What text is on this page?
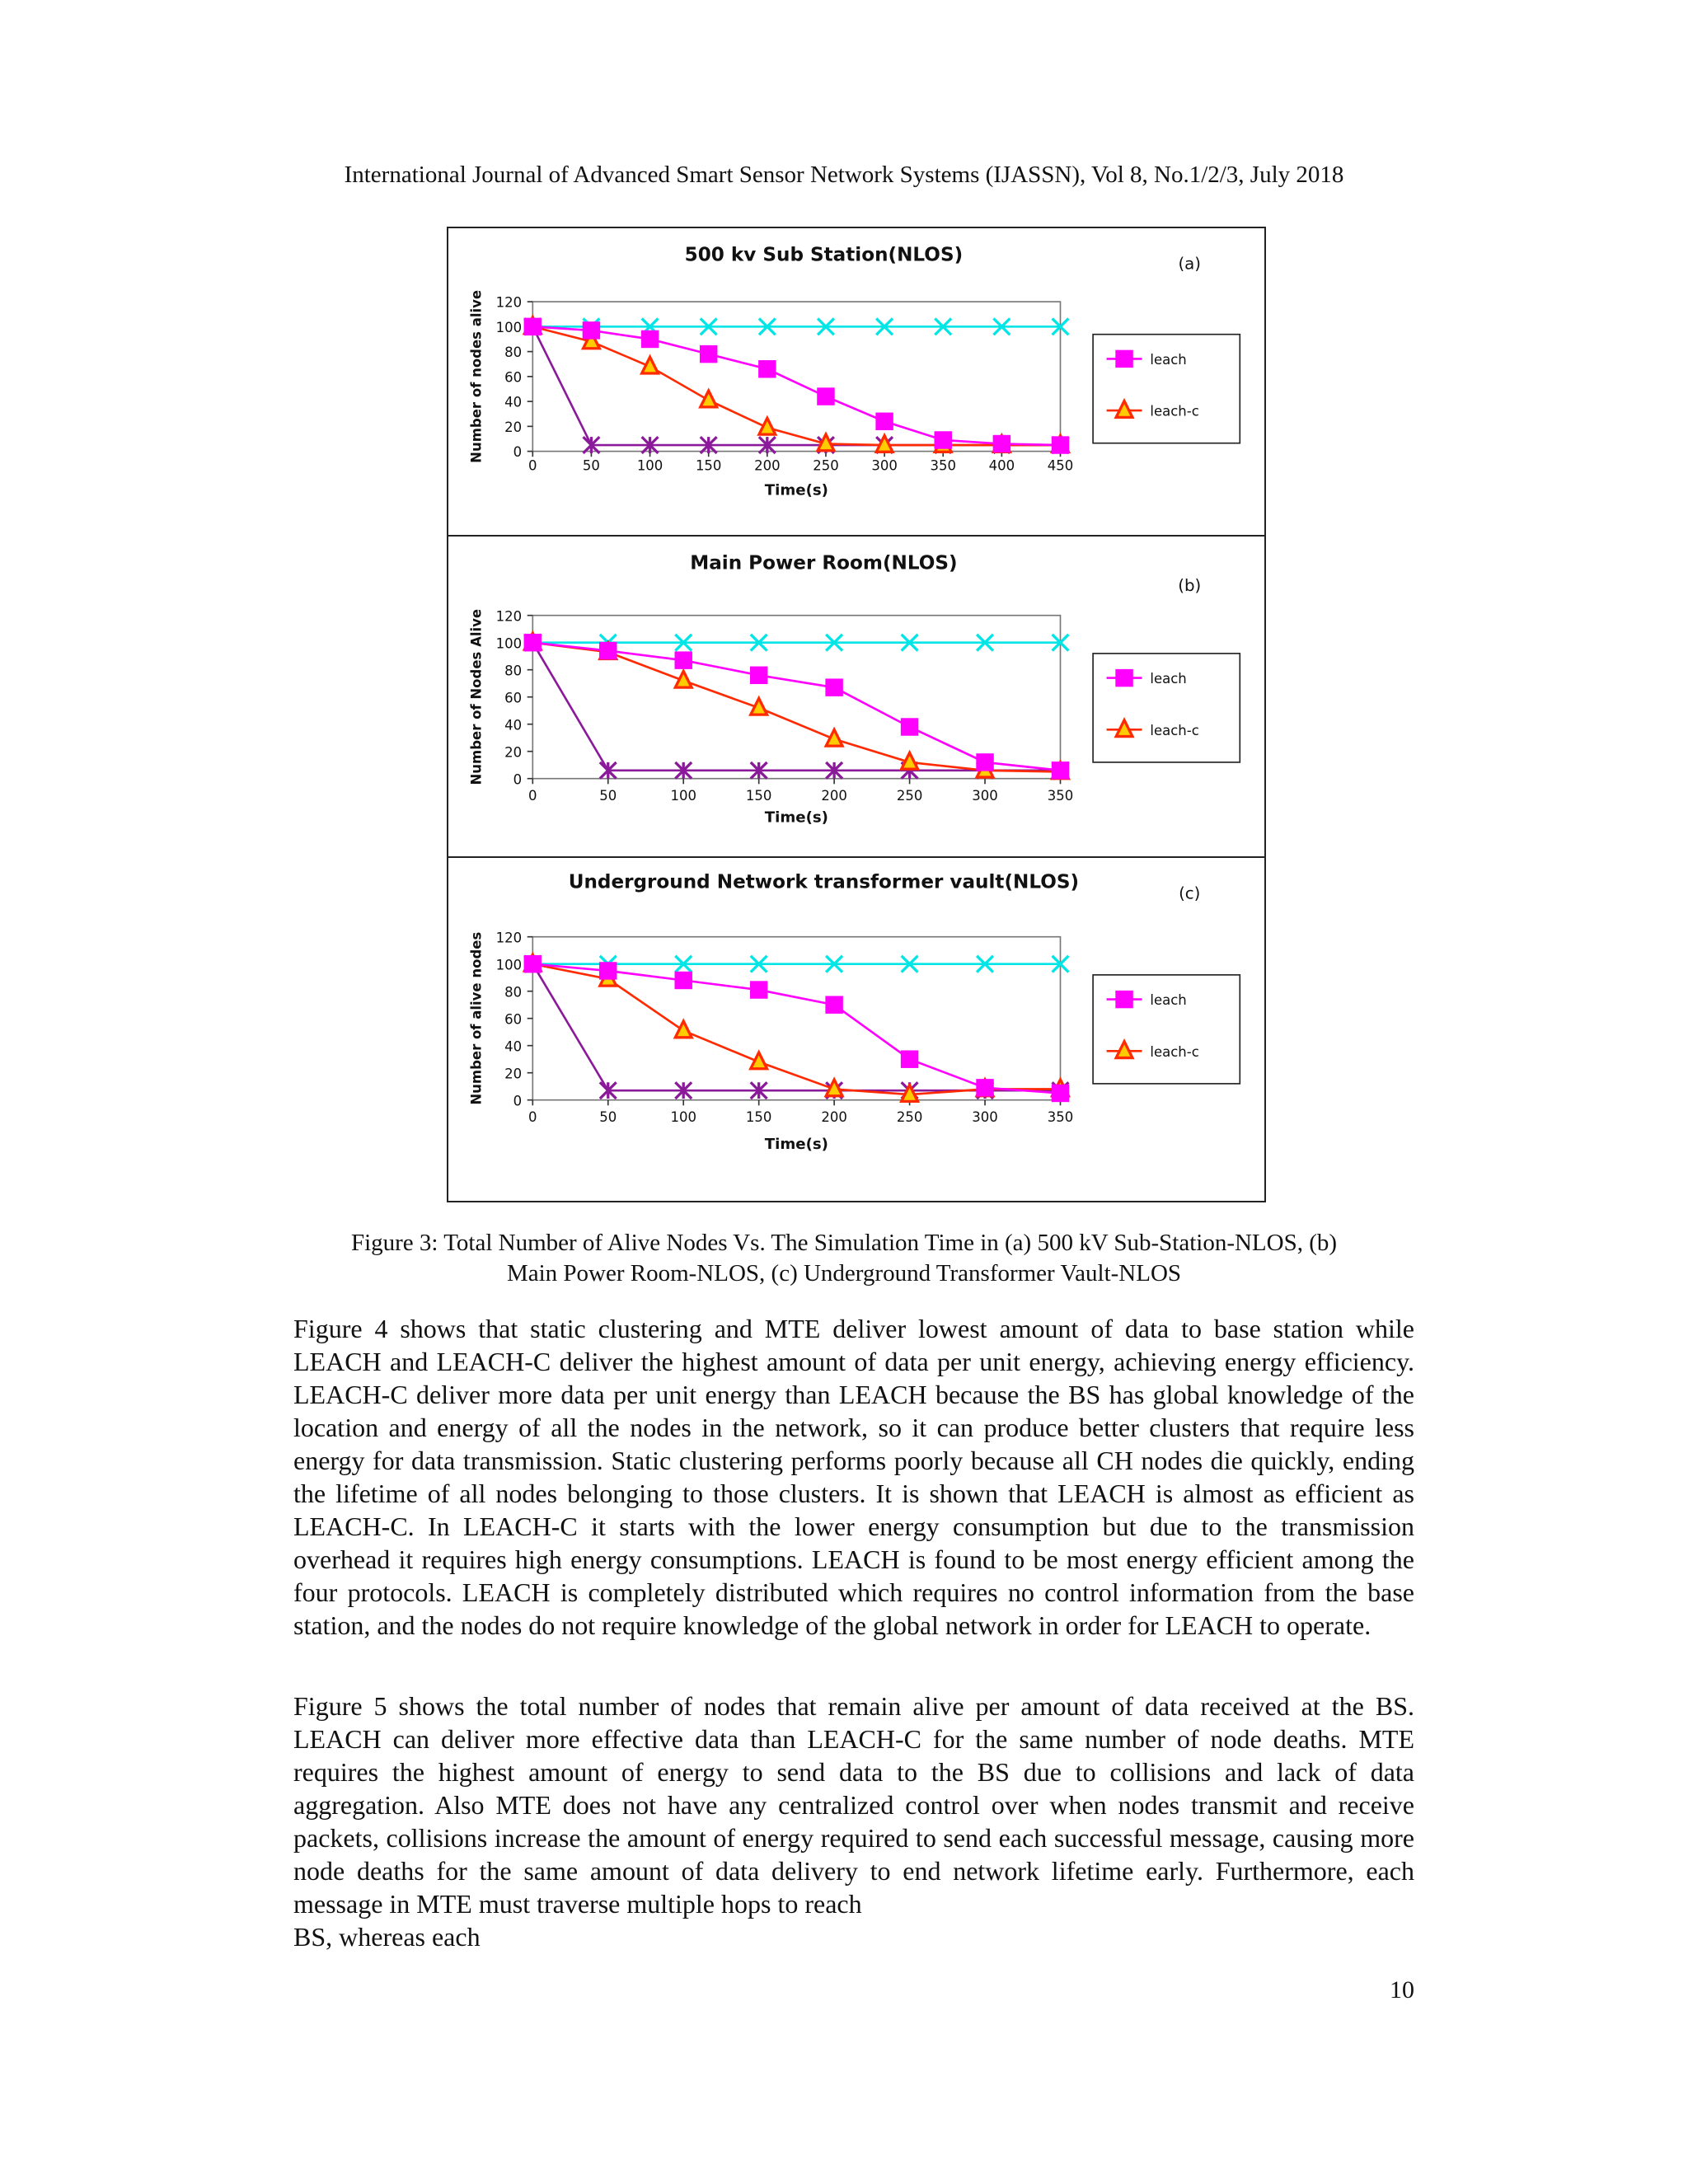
International Journal of Advanced Smart Sensor Network Systems (IJASSN), Vol 8, No.1/2/3, July 2018
500 kv Sub Station(NLOS)	(a)
0
20
40
60
80
100
120
0	50	100	150	200	250	300	350	400	450
Time(s)
Number of nodes alive	leach
leach-c
Main Power Room(NLOS)
(b)
0
20
40
60
80
100
120
0	50	100	150	200	250	300	350
Time(s)
Number of Nodes Alive	leach
leach-c
Underground Network transformer vault(NLOS)
(c)
0
20
40
60
80
100
120
0	50	100	150	200	250	300	350
Time(s)
Number of alive nodes	leach
leach-c
Figure 3: Total Number of Alive Nodes Vs. The Simulation Time in (a) 500 kV Sub-Station-NLOS, (b)
Main Power Room-NLOS, (c) Underground Transformer Vault-NLOS
Figure 4 shows that static clustering and MTE deliver lowest amount of data to base station while LEACH and LEACH-C deliver the highest amount of data per unit energy, achieving energy efficiency. LEACH-C deliver more data per unit energy than LEACH because the BS has global knowledge of the location and energy of all the nodes in the network, so it can produce better clusters that require less energy for data transmission. Static clustering performs poorly because all CH nodes die quickly, ending the lifetime of all nodes belonging to those clusters. It is shown that LEACH is almost as efficient as LEACH-C. In LEACH-C it starts with the lower energy consumption but due to the transmission overhead it requires high energy consumptions. LEACH is found to be most energy efficient among the four protocols. LEACH is completely distributed which requires no control information from the base station, and the nodes do not require knowledge of the global network in order for LEACH to operate.
Figure 5 shows the total number of nodes that remain alive per amount of data received at the BS. LEACH can deliver more effective data than LEACH-C for the same number of node deaths. MTE requires the highest amount of energy to send data to the BS due to collisions and lack of data aggregation. Also MTE does not have any centralized control over when nodes transmit and receive packets, collisions increase the amount of energy required to send each successful message, causing more node deaths for the same amount of data delivery to end network lifetime early. Furthermore, each message in MTE must traverse multiple hops to reach
BS, whereas each
10
